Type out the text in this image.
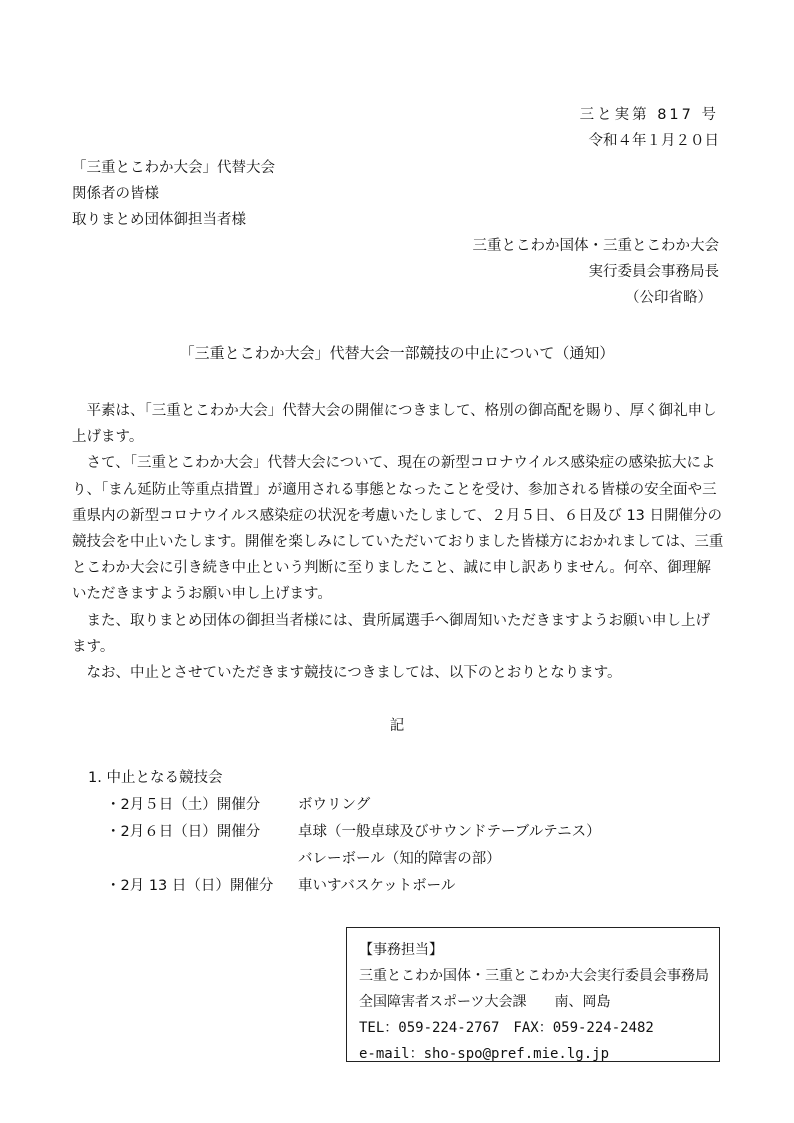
三と実第 817 号
令和４年１月２０日
「三重とこわか大会」代替大会
関係者の皆様
取りまとめ団体御担当者様
三重とこわか国体・三重とこわか大会
実行委員会事務局長
（公印省略）
「三重とこわか大会」代替大会一部競技の中止について（通知）

平素は、「三重とこわか大会」代替大会の開催につきまして、格別の御高配を賜り、厚く御礼申し上げます。

さて、「三重とこわか大会」代替大会について、現在の新型コロナウイルス感染症の感染拡大により、「まん延防止等重点措置」が適用される事態となったことを受け、参加される皆様の安全面や三重県内の新型コロナウイルス感染症の状況を考慮いたしまして、２月５日、６日及び 13 日開催分の競技会を中止いたします。開催を楽しみにしていただいておりました皆様方におかれましては、三重とこわか大会に引き続き中止という判断に至りましたこと、誠に申し訳ありません。何卒、御理解いただきますようお願い申し上げます。

また、取りまとめ団体の御担当者様には、貴所属選手へ御周知いただきますようお願い申し上げます。

なお、中止とさせていただきます競技につきましては、以下のとおりとなります。

記
1. 中止となる競技会
・2月５日（土）開催分	ボウリング
・2月６日（日）開催分	卓球（一般卓球及びサウンドテーブルテニス）
バレーボール（知的障害の部）
・2月 13 日（日）開催分 車いすバスケットボール
【事務担当】
三重とこわか国体・三重とこわか大会実行委員会事務局
全国障害者スポーツ大会課　　南、岡島
TEL：059-224-2767　FAX：059-224-2482
e-mail：sho-spo@pref.mie.lg.jp
